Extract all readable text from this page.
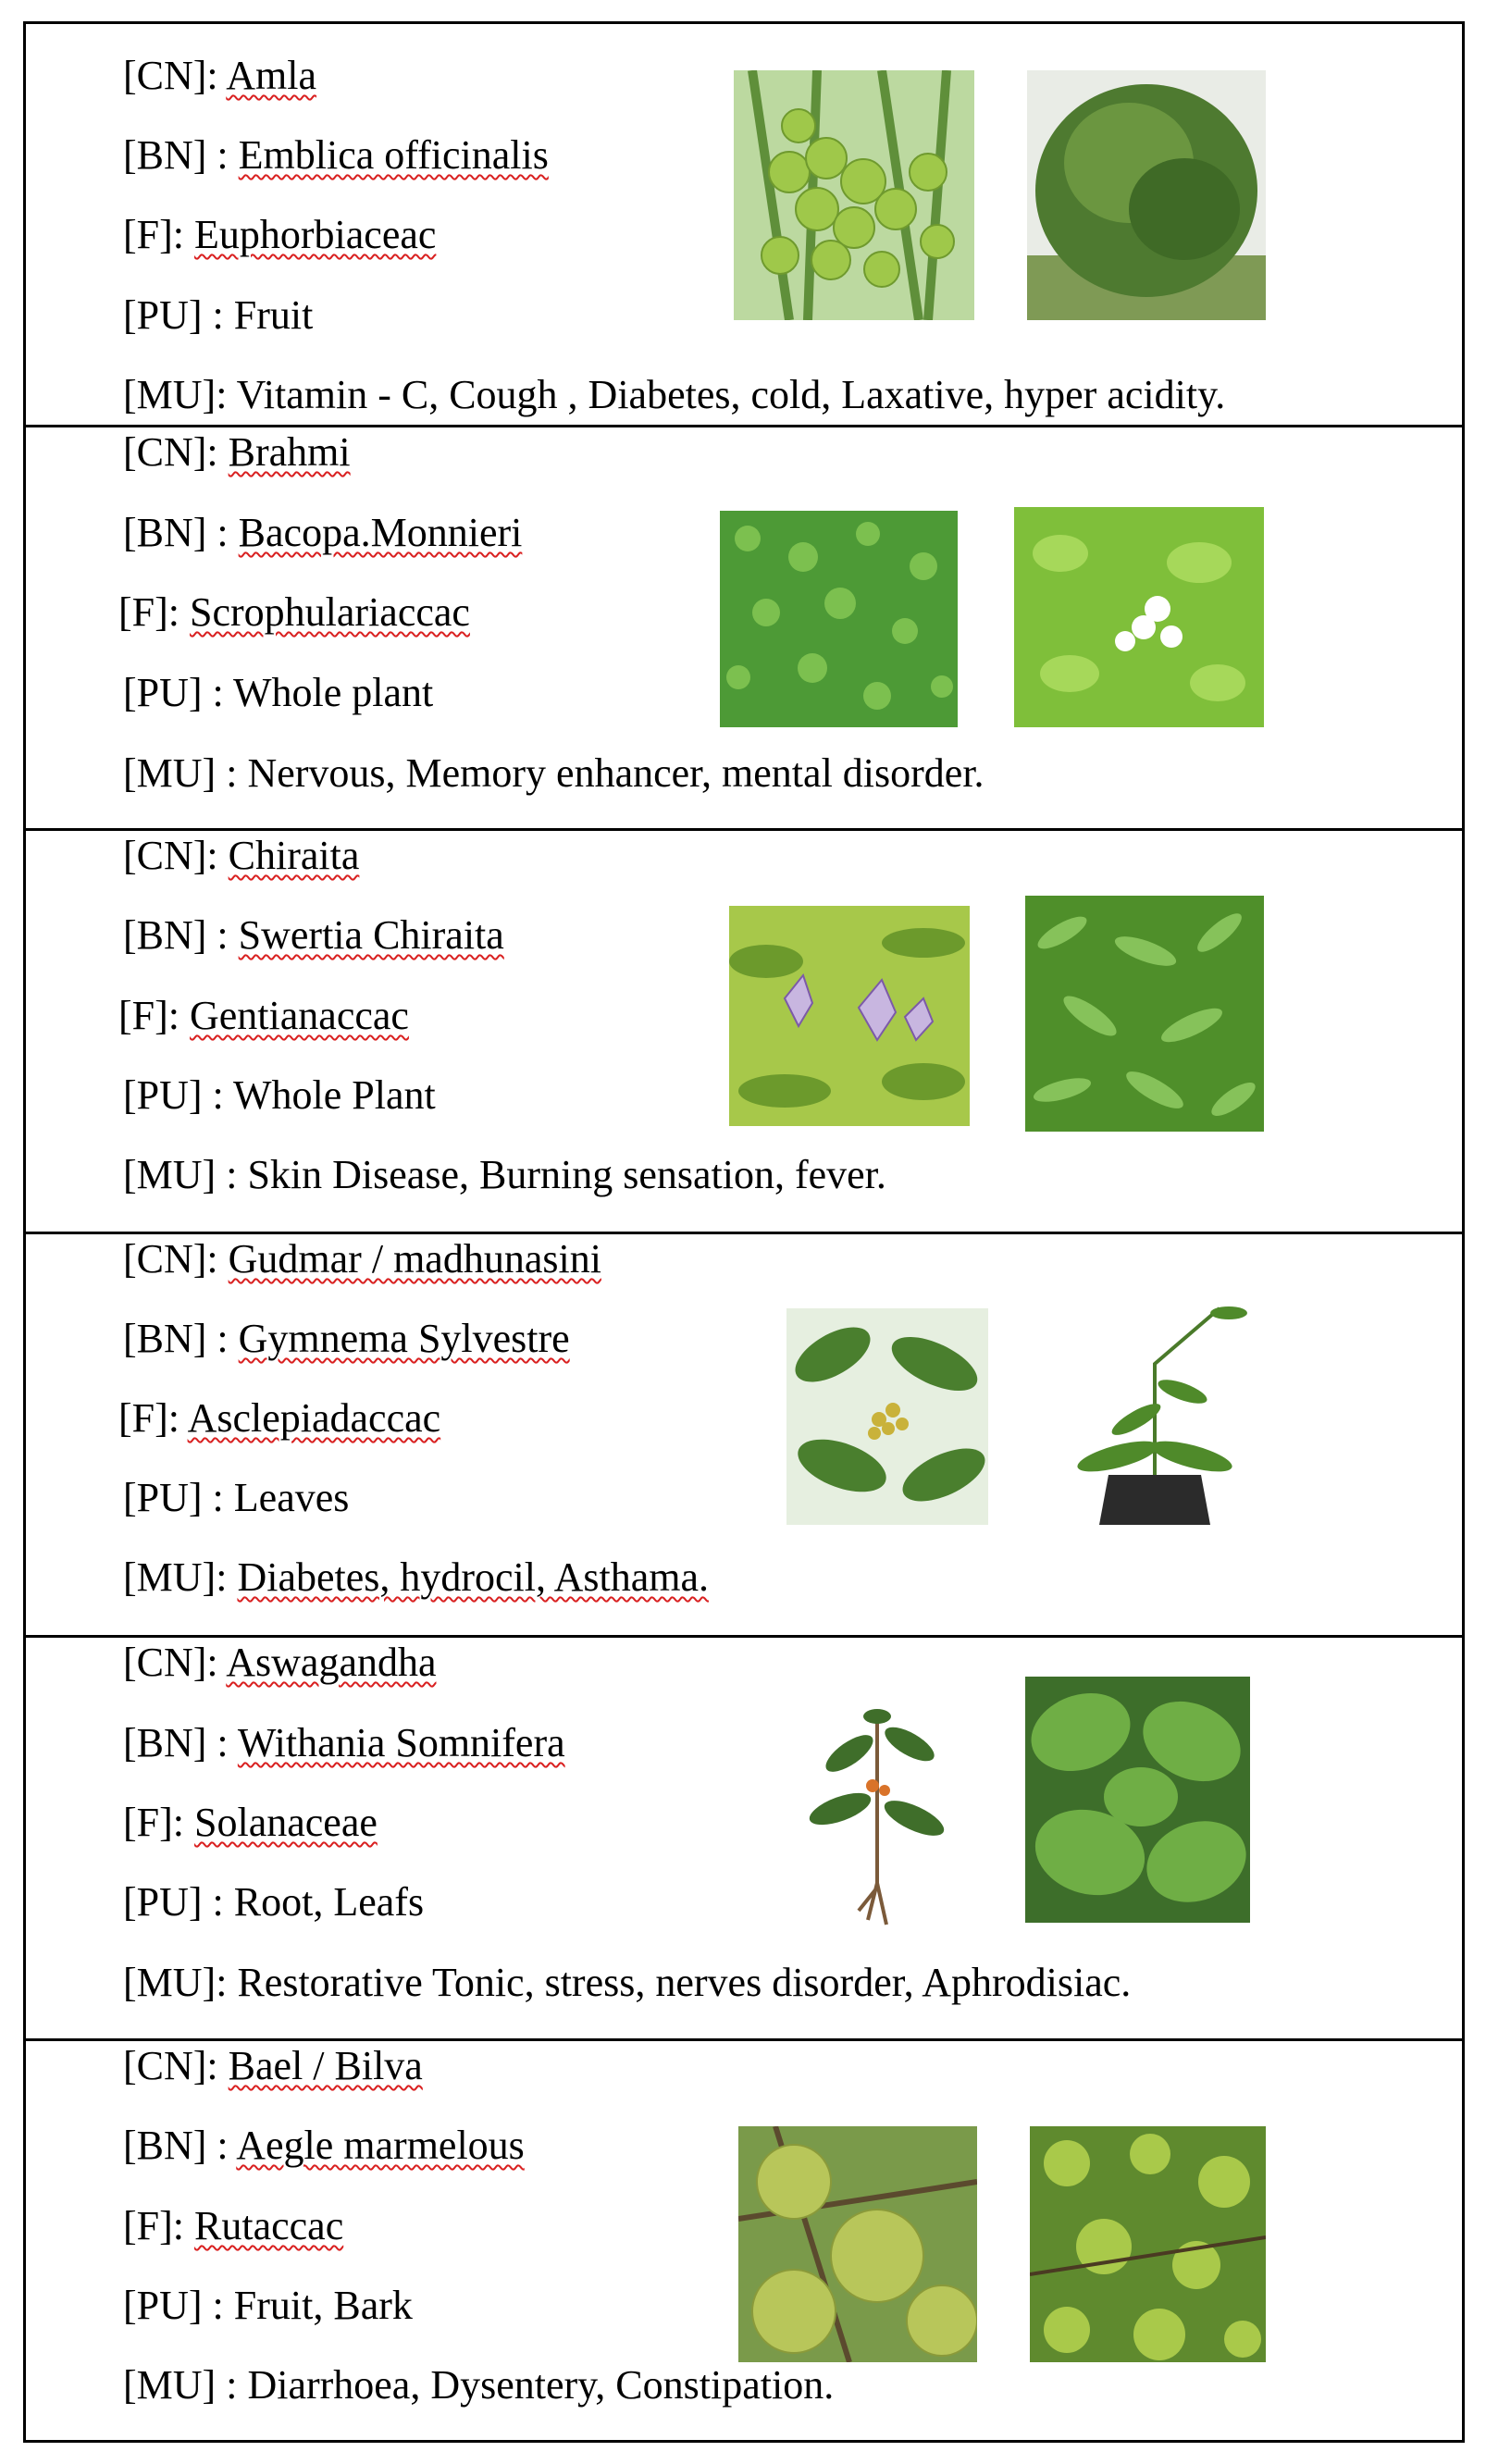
[CN]: Amla
[BN] : Emblica officinalis
[F]: Euphorbiaceac
[PU] : Fruit
[MU]: Vitamin - C, Cough , Diabetes, cold, Laxative, hyper acidity.
[CN]: Brahmi
[BN] : Bacopa.Monnieri
[F]: Scrophulariaccac
[PU] : Whole plant
[MU] : Nervous, Memory enhancer, mental disorder.
[CN]: Chiraita
[BN] : Swertia Chiraita
[F]: Gentianaccac
[PU] : Whole Plant
[MU] : Skin Disease, Burning sensation, fever.
[CN]: Gudmar / madhunasini
[BN] : Gymnema Sylvestre
[F]: Asclepiadaccac
[PU] : Leaves
[MU]: Diabetes, hydrocil, Asthama.
[CN]: Aswagandha
[BN] : Withania Somnifera
[F]: Solanaceae
[PU] : Root, Leafs
[MU]: Restorative Tonic, stress, nerves disorder, Aphrodisiac.
[CN]: Bael / Bilva
[BN] : Aegle marmelous
[F]: Rutaccac
[PU] : Fruit, Bark
[MU] : Diarrhoea, Dysentery, Constipation.
